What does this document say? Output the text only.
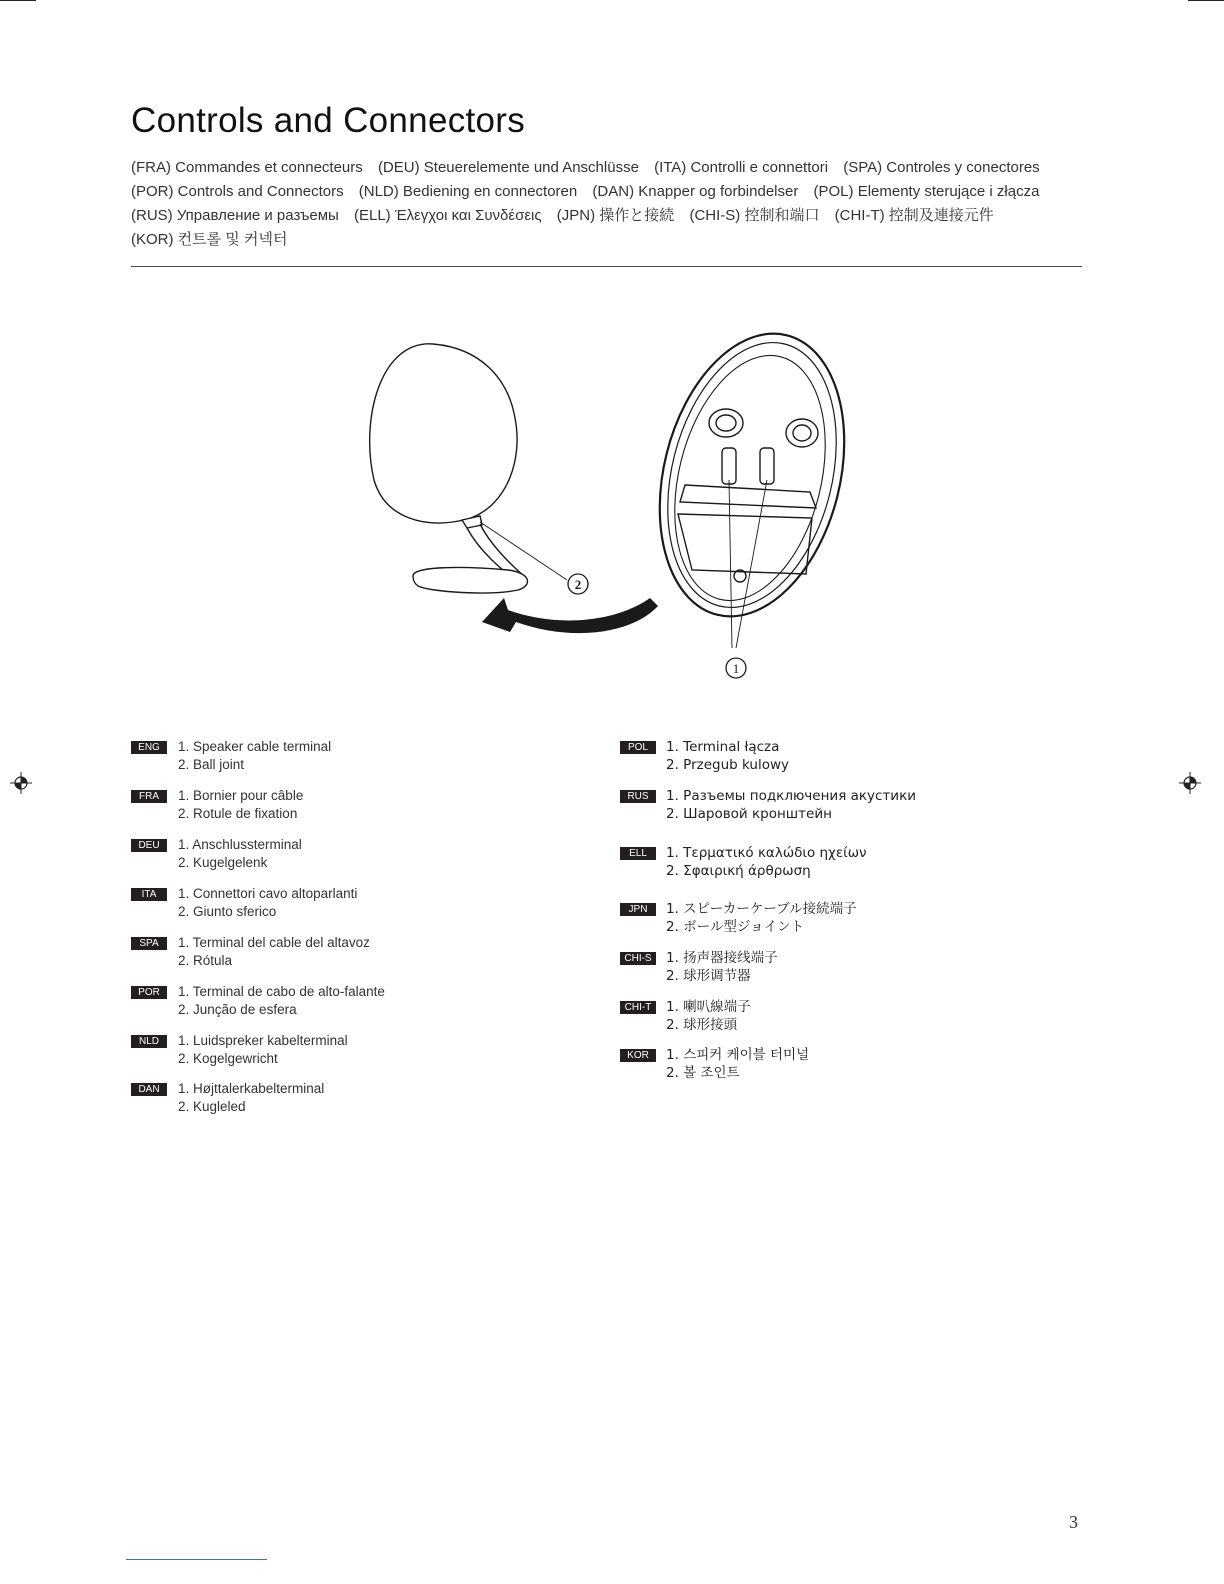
Controls and Connectors
(FRA) Commandes et connecteurs (DEU) Steuerelemente und Anschlüsse (ITA) Controlli e connettori (SPA) Controles y conectores
(POR) Controls and Connectors (NLD) Bediening en connectoren (DAN) Knapper og forbindelser (POL) Elementy sterujące i złącza
(RUS) Управление и разъемы (ELL) Έλεγχοι και Συνδέσεις (JPN) 操作と接続 (CHI-S) 控制和端口 (CHI-T) 控制及連接元件
(KOR) 컨트롤 및 커넥터
2
1
ENG	1. Speaker cable terminal
2. Ball joint
FRA	1. Bornier pour câble
2. Rotule de fixation
DEU	1. Anschlussterminal
2. Kugelgelenk
ITA	1. Connettori cavo altoparlanti
2. Giunto sferico
SPA	1. Terminal del cable del altavoz
2. Rótula
POR	1. Terminal de cabo de alto-falante
2. Junção de esfera
NLD	1. Luidspreker kabelterminal
2. Kogelgewricht
DAN	1. Højttalerkabelterminal
2. Kugleled
POL	1. Terminal łącza
2. Przegub kulowy
RUS	1. Разъемы подключения акустики
2. Шаровой кронштейн
ELL	1. Τερματικό καλώδιο ηχείων
2. Σφαιρική άρθρωση
JPN	1. スピーカーケーブル接続端子
2. ボール型ジョイント
CHI-S	1. 扬声器接线端子
2. 球形调节器
CHI-T	1. 喇叭線端子
2. 球形接頭
KOR	1. 스피커 케이블 터미널
2. 볼 조인트
3
